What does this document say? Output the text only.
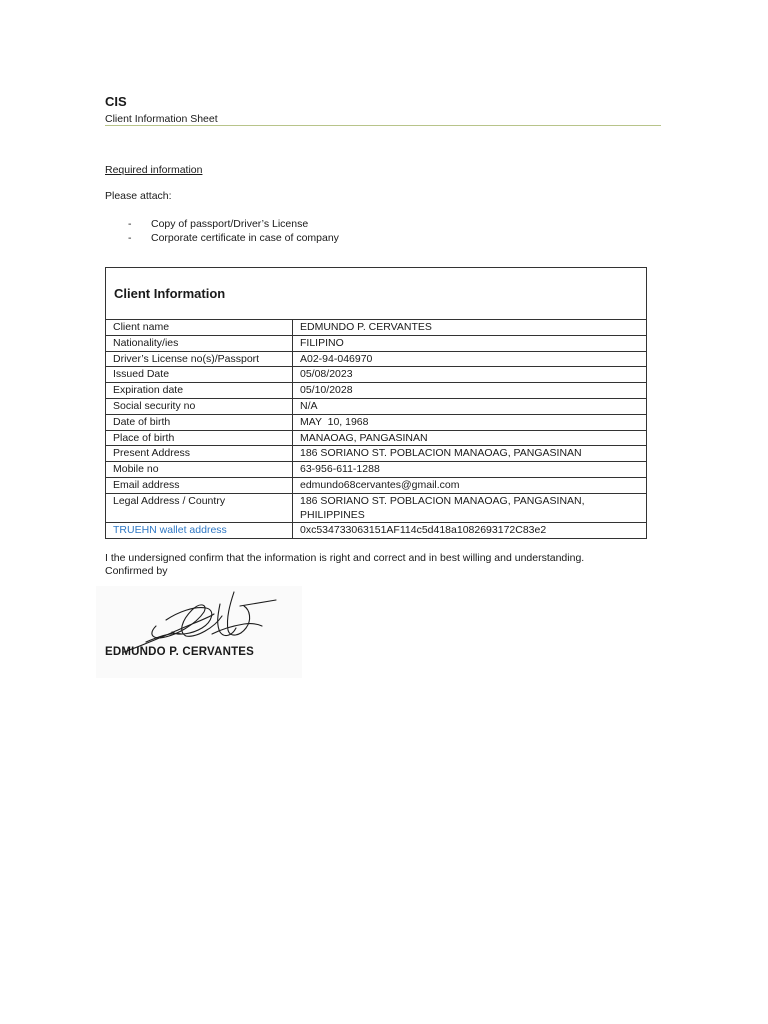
CIS
Client Information Sheet
Required information
Please attach:
-	Copy of passport/Driver’s License
-	Corporate certificate in case of company
Client Information	
Client name	EDMUNDO P. CERVANTES
Nationality/ies	FILIPINO
Driver’s License no(s)/Passport	A02-94-046970
Issued Date	05/08/2023
Expiration date	05/10/2028
Social security no	N/A
Date of birth	MAY  10, 1968
Place of birth	MANAOAG, PANGASINAN
Present Address	186 SORIANO ST. POBLACION MANAOAG, PANGASINAN
Mobile no	63-956-611-1288
Email address	edmundo68cervantes@gmail.com
Legal Address / Country	186 SORIANO ST. POBLACION MANAOAG, PANGASINAN,
PHILIPPINES

TRUEHN wallet address	0xc534733063151AF114c5d418a1082693172C83e2
I the undersigned confirm that the information is right and correct and in best willing and understanding.
Confirmed by
EDMUNDO P. CERVANTES
